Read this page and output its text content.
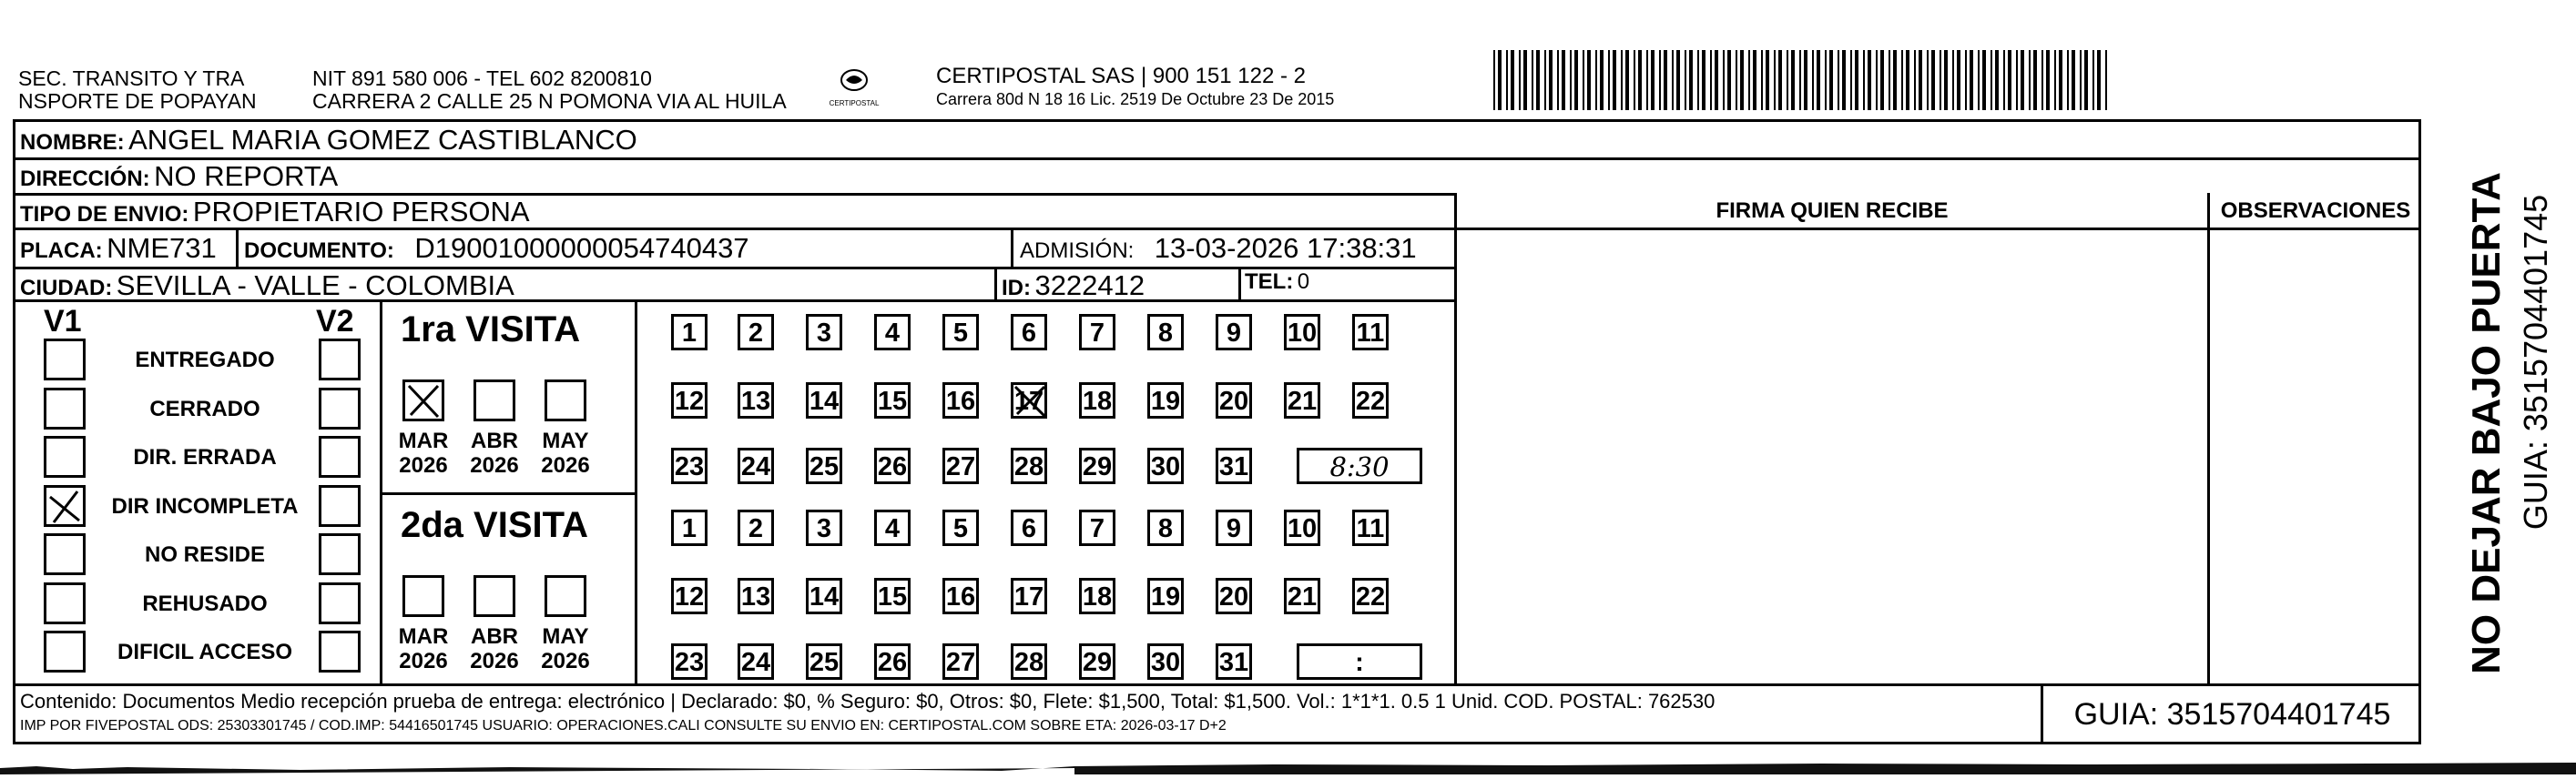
SEC. TRANSITO Y TRA
NSPORTE DE POPAYAN
NIT 891 580 006 - TEL 602 8200810
CARRERA 2 CALLE 25 N POMONA VIA AL HUILA	CERTIPOSTAL
CERTIPOSTAL SAS | 900 151 122 - 2
Carrera 80d N 18 16 Lic. 2519 De Octubre 23 De 2015
NOMBRE: ANGEL MARIA GOMEZ CASTIBLANCO
DIRECCIÓN: NO REPORTA
TIPO DE ENVIO: PROPIETARIO PERSONA
PLACA: NME731 DOCUMENTO: D19001000000054740437	ADMISIÓN: 13-03-2026 17:38:31
CIUDAD: SEVILLA - VALLE - COLOMBIA	ID: 3222412	TEL: 0
FIRMA QUIEN RECIBE	OBSERVACIONES
V1	V2
ENTREGADO
CERRADO
DIR. ERRADA
DIR INCOMPLETA
NO RESIDE
REHUSADO
DIFICIL ACCESO
1ra VISITA
2da VISITA
MAR
2026
ABR
2026
MAY
2026
1	2	3	4	5	6	7	8	9	10 11
12 13 14 15 16 17 18 19 20 21 22
23 24 25 26 27 28 29 30 31	8:30
MAR
2026
ABR
2026
MAY
2026
1	2	3	4	5	6	7	8	9	10 11
12 13 14 15 16 17 18 19 20 21 22
23 24 25 26 27 28 29 30 31	:
Contenido: Documentos Medio recepción prueba de entrega: electrónico | Declarado: $0, % Seguro: $0, Otros: $0, Flete: $1,500, Total: $1,500. Vol.: 1*1*1. 0.5 1 Unid. COD. POSTAL: 762530
IMP POR FIVEPOSTAL ODS: 25303301745 / COD.IMP: 54416501745 USUARIO: OPERACIONES.CALI CONSULTE SU ENVIO EN: CERTIPOSTAL.COM SOBRE ETA: 2026-03-17 D+2	GUIA: 3515704401745
NO DEJAR BAJO PUERTA GUIA: 3515704401745
